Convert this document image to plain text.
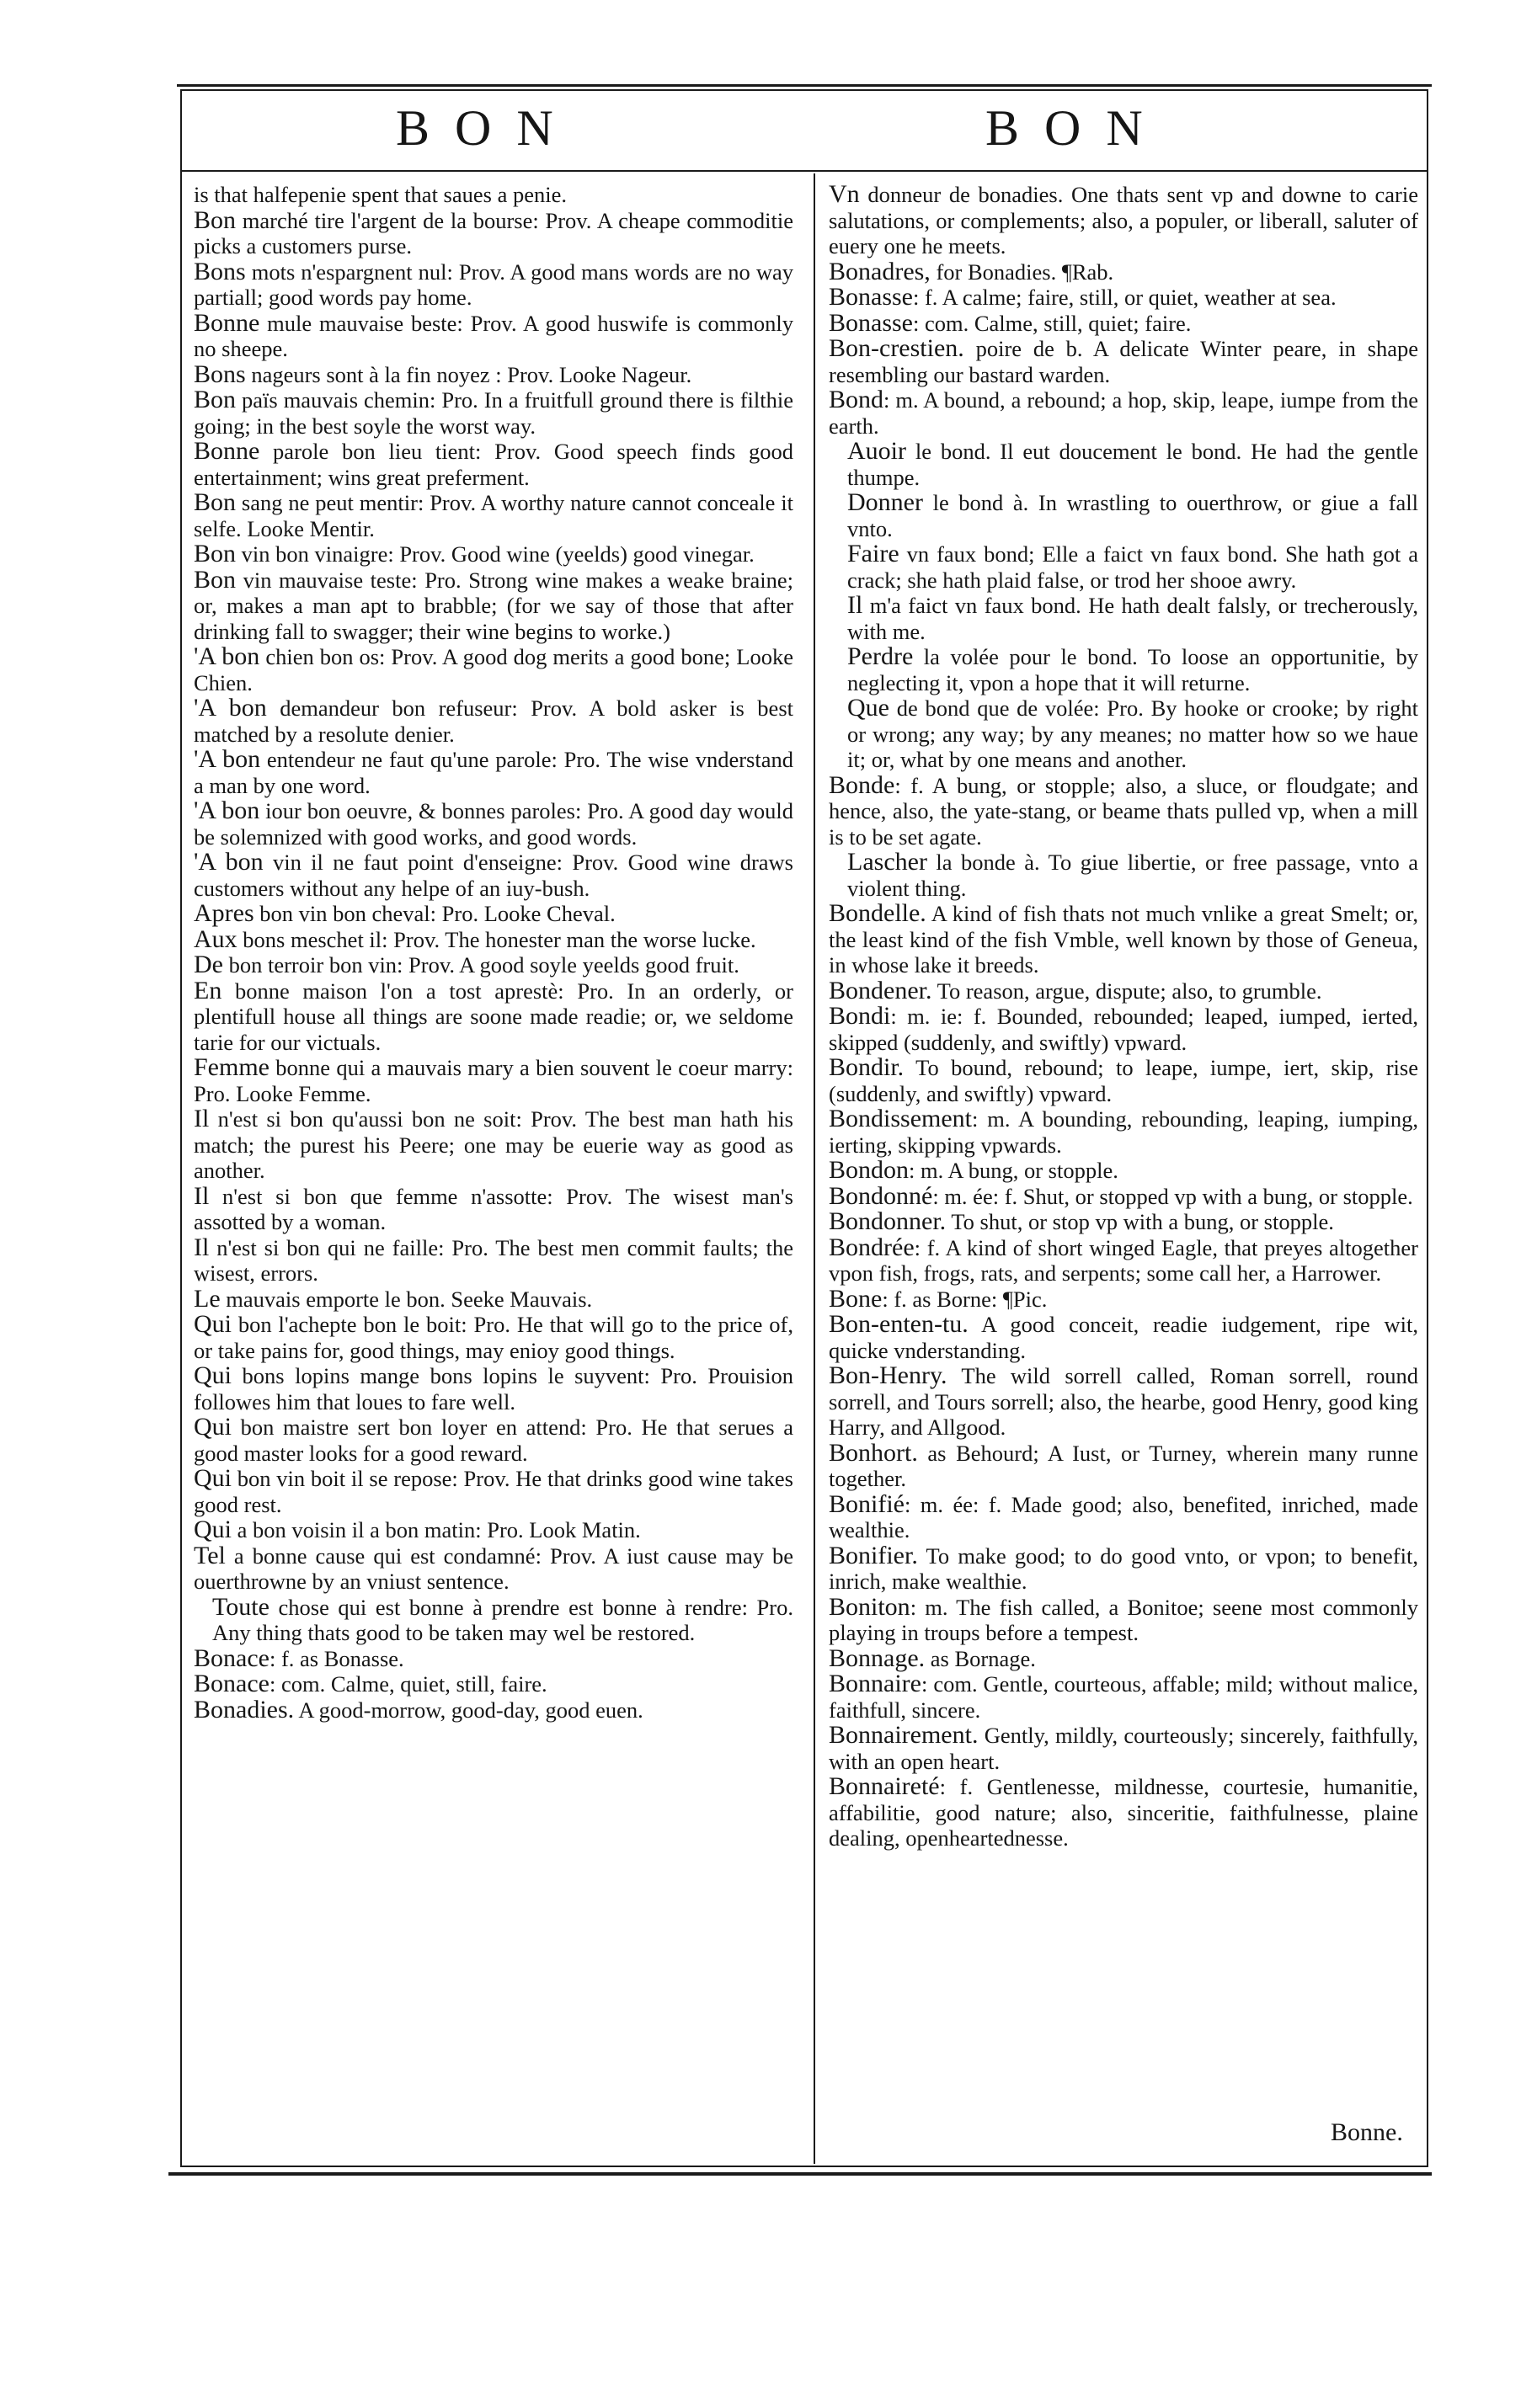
BON	BON

is that halfepenie spent that saues a penie.

Bon marché tire l'argent de la bourse: Prov. A cheape commoditie picks a customers purse.

Bons mots n'espargnent nul: Prov. A good mans words are no way partiall; good words pay home.

Bonne mule mauvaise beste: Prov. A good huswife is commonly no sheepe.

Bons nageurs sont à la fin noyez : Prov. Looke Nageur.

Bon païs mauvais chemin: Pro. In a fruitfull ground there is filthie going; in the best soyle the worst way.

Bonne parole bon lieu tient: Prov. Good speech finds good entertainment; wins great preferment.

Bon sang ne peut mentir: Prov. A worthy nature cannot conceale it selfe. Looke Mentir.

Bon vin bon vinaigre: Prov. Good wine (yeelds) good vinegar.

Bon vin mauvaise teste: Pro. Strong wine makes a weake braine; or, makes a man apt to brabble; (for we say of those that after drinking fall to swagger; their wine begins to worke.)

'A bon chien bon os: Prov. A good dog merits a good bone; Looke Chien.

'A bon demandeur bon refuseur: Prov. A bold asker is best matched by a resolute denier.

'A bon entendeur ne faut qu'une parole: Pro. The wise vnderstand a man by one word.

'A bon iour bon oeuvre, & bonnes paroles: Pro. A good day would be solemnized with good works, and good words.

'A bon vin il ne faut point d'enseigne: Prov. Good wine draws customers without any helpe of an iuy-bush.

Apres bon vin bon cheval: Pro. Looke Cheval.

Aux bons meschet il: Prov. The honester man the worse lucke.

De bon terroir bon vin: Prov. A good soyle yeelds good fruit.

En bonne maison l'on a tost aprestè: Pro. In an orderly, or plentifull house all things are soone made readie; or, we seldome tarie for our victuals.

Femme bonne qui a mauvais mary a bien souvent le coeur marry: Pro. Looke Femme.

Il n'est si bon qu'aussi bon ne soit: Prov. The best man hath his match; the purest his Peere; one may be euerie way as good as another.

Il n'est si bon que femme n'assotte: Prov. The wisest man's assotted by a woman.

Il n'est si bon qui ne faille: Pro. The best men commit faults; the wisest, errors.

Le mauvais emporte le bon. Seeke Mauvais.

Qui bon l'achepte bon le boit: Pro. He that will go to the price of, or take pains for, good things, may enioy good things.

Qui bons lopins mange bons lopins le suyvent: Pro. Prouision followes him that loues to fare well.

Qui bon maistre sert bon loyer en attend: Pro. He that serues a good master looks for a good reward.

Qui bon vin boit il se repose: Prov. He that drinks good wine takes good rest.

Qui a bon voisin il a bon matin: Pro. Look Matin.

Tel a bonne cause qui est condamné: Prov. A iust cause may be ouerthrowne by an vniust sentence.

Toute chose qui est bonne à prendre est bonne à rendre: Pro. Any thing thats good to be taken may wel be restored.

Bonace: f. as Bonasse.

Bonace: com. Calme, quiet, still, faire.

Bonadies. A good-morrow, good-day, good euen.

Vn donneur de bonadies. One thats sent vp and downe to carie salutations, or complements; also, a populer, or liberall, saluter of euery one he meets.

Bonadres, for Bonadies. ¶Rab.

Bonasse: f. A calme; faire, still, or quiet, weather at sea.

Bonasse: com. Calme, still, quiet; faire.

Bon-crestien. poire de b. A delicate Winter peare, in shape resembling our bastard warden.

Bond: m. A bound, a rebound; a hop, skip, leape, iumpe from the earth.

Auoir le bond. Il eut doucement le bond. He had the gentle thumpe.

Donner le bond à. In wrastling to ouerthrow, or giue a fall vnto.

Faire vn faux bond; Elle a faict vn faux bond. She hath got a crack; she hath plaid false, or trod her shooe awry.

Il m'a faict vn faux bond. He hath dealt falsly, or trecherously, with me.

Perdre la volée pour le bond. To loose an opportunitie, by neglecting it, vpon a hope that it will returne.

Que de bond que de volée: Pro. By hooke or crooke; by right or wrong; any way; by any meanes; no matter how so we haue it; or, what by one means and another.

Bonde: f. A bung, or stopple; also, a sluce, or floudgate; and hence, also, the yate-stang, or beame thats pulled vp, when a mill is to be set agate.

Lascher la bonde à. To giue libertie, or free passage, vnto a violent thing.

Bondelle. A kind of fish thats not much vnlike a great Smelt; or, the least kind of the fish Vmble, well known by those of Geneua, in whose lake it breeds.

Bondener. To reason, argue, dispute; also, to grumble.

Bondi: m. ie: f. Bounded, rebounded; leaped, iumped, ierted, skipped (suddenly, and swiftly) vpward.

Bondir. To bound, rebound; to leape, iumpe, iert, skip, rise (suddenly, and swiftly) vpward.

Bondissement: m. A bounding, rebounding, leaping, iumping, ierting, skipping vpwards.

Bondon: m. A bung, or stopple.

Bondonné: m. ée: f. Shut, or stopped vp with a bung, or stopple.

Bondonner. To shut, or stop vp with a bung, or stopple.

Bondrée: f. A kind of short winged Eagle, that preyes altogether vpon fish, frogs, rats, and serpents; some call her, a Harrower.

Bone: f. as Borne: ¶Pic.

Bon-enten-tu. A good conceit, readie iudgement, ripe wit, quicke vnderstanding.

Bon-Henry. The wild sorrell called, Roman sorrell, round sorrell, and Tours sorrell; also, the hearbe, good Henry, good king Harry, and Allgood.

Bonhort. as Behourd; A Iust, or Turney, wherein many runne together.

Bonifié: m. ée: f. Made good; also, benefited, inriched, made wealthie.

Bonifier. To make good; to do good vnto, or vpon; to benefit, inrich, make wealthie.

Boniton: m. The fish called, a Bonitoe; seene most commonly playing in troups before a tempest.

Bonnage. as Bornage.

Bonnaire: com. Gentle, courteous, affable; mild; without malice, faithfull, sincere.

Bonnairement. Gently, mildly, courteously; sincerely, faithfully, with an open heart.

Bonnaireté: f. Gentlenesse, mildnesse, courtesie, humanitie, affabilitie, good nature; also, sinceritie, faithfulnesse, plaine dealing, openheartednesse.

Bonne.
